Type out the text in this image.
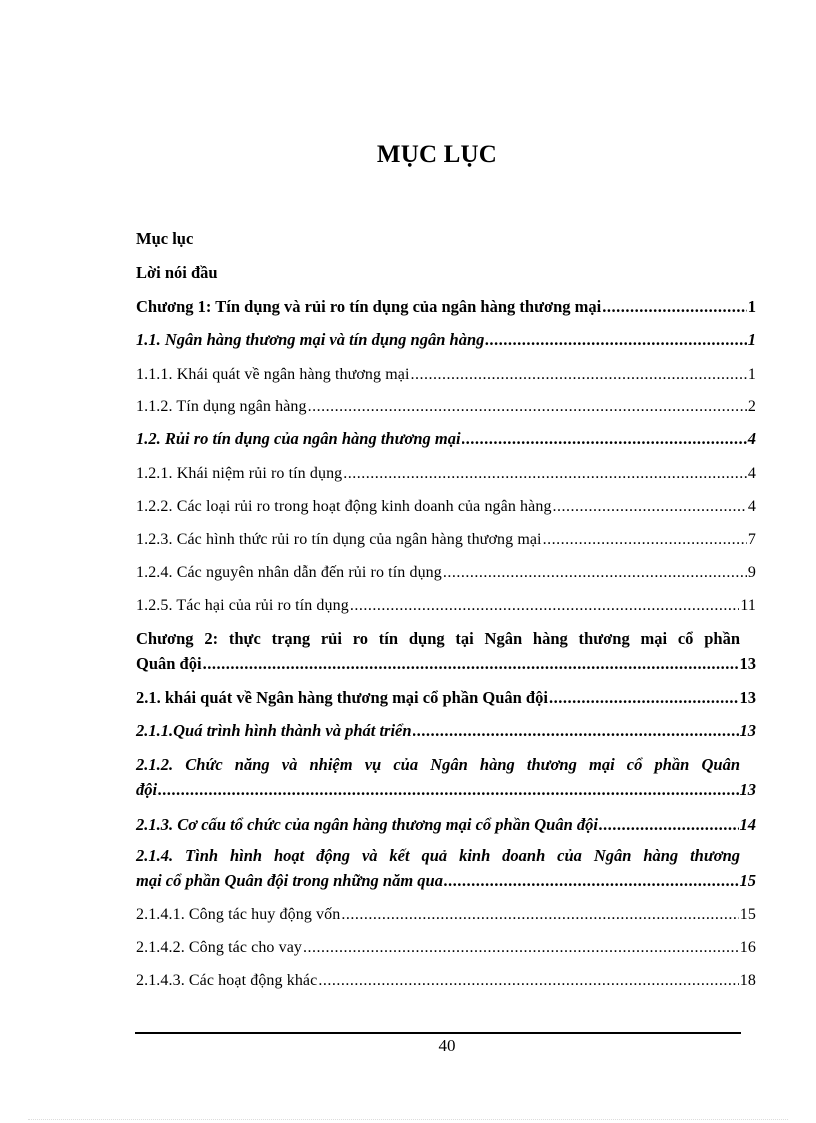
MỤC LỤC
Mục lục
Lời nói đầu
Chương 1: Tín dụng và rủi ro tín dụng của ngân hàng thương mại .....	1
1.1. Ngân hàng thương mại và tín dụng ngân hàng .....	1
1.1.1. Khái quát về ngân hàng thương mại .....	1
1.1.2. Tín dụng ngân hàng .....	2
1.2. Rủi ro tín dụng của ngân hàng thương mại .....	4
1.2.1. Khái niệm rủi ro tín dụng .....	4
1.2.2. Các loại rủi ro trong hoạt động kinh doanh của ngân hàng .....	4
1.2.3. Các hình thức rủi ro tín dụng của ngân hàng thương mại .....	7
1.2.4. Các nguyên nhân dẫn đến rủi ro tín dụng .....	9
1.2.5. Tác hại của rủi ro tín dụng .....	11
Chương 2: thực trạng rủi ro tín dụng tại Ngân hàng thương mại cổ phần
Quân đội .....	13
2.1. khái quát về Ngân hàng thương mại cổ phần Quân đội .....	13
2.1.1.Quá trình hình thành và phát triển .....	13
2.1.2. Chức năng và nhiệm vụ của Ngân hàng thương mại cổ phần Quân
đội .....	13
2.1.3. Cơ cấu tổ chức của ngân hàng thương mại cổ phần Quân đội .....	14
2.1.4. Tình hình hoạt động và kết quả kinh doanh của Ngân hàng thương
mại cổ phần Quân đội trong những năm qua .....	15
2.1.4.1. Công tác huy động vốn .....	15
2.1.4.2. Công tác cho vay .....	16
2.1.4.3. Các hoạt động khác .....	18
40
